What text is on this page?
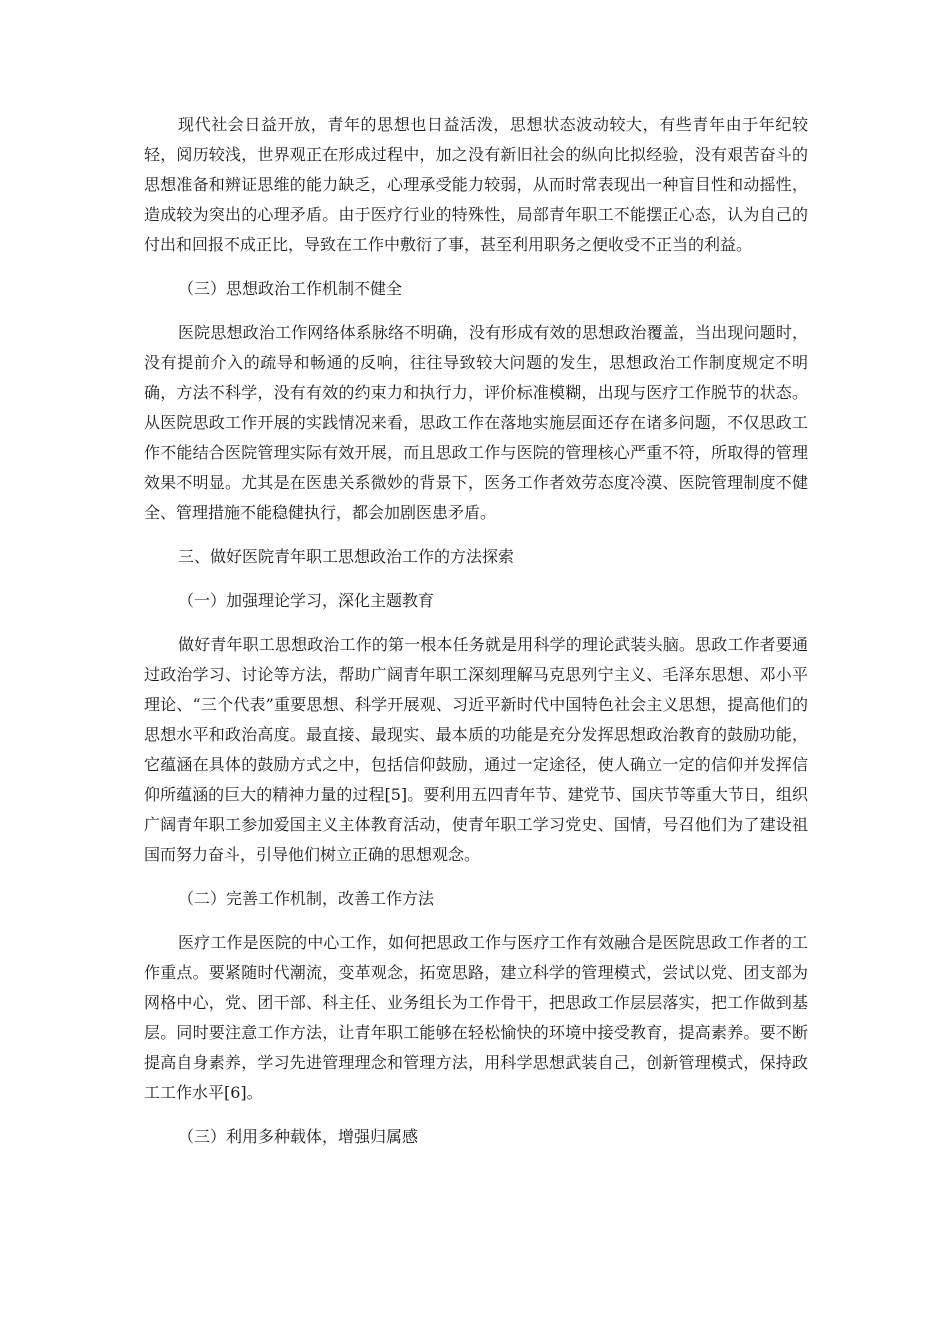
现代社会日益开放，青年的思想也日益活泼，思想状态波动较大，有些青年由于年纪较轻，阅历较浅，世界观正在形成过程中，加之没有新旧社会的纵向比拟经验，没有艰苦奋斗的思想准备和辨证思维的能力缺乏，心理承受能力较弱，从而时常表现出一种盲目性和动摇性，造成较为突出的心理矛盾。由于医疗行业的特殊性，局部青年职工不能摆正心态，认为自己的付出和回报不成正比，导致在工作中敷衍了事，甚至利用职务之便收受不正当的利益。

（三）思想政治工作机制不健全

医院思想政治工作网络体系脉络不明确，没有形成有效的思想政治覆盖，当出现问题时，没有提前介入的疏导和畅通的反响，往往导致较大问题的发生，思想政治工作制度规定不明确，方法不科学，没有有效的约束力和执行力，评价标准模糊，出现与医疗工作脱节的状态。从医院思政工作开展的实践情况来看，思政工作在落地实施层面还存在诸多问题，不仅思政工作不能结合医院管理实际有效开展，而且思政工作与医院的管理核心严重不符，所取得的管理效果不明显。尤其是在医患关系微妙的背景下，医务工作者效劳态度冷漠、医院管理制度不健全、管理措施不能稳健执行，都会加剧医患矛盾。

三、做好医院青年职工思想政治工作的方法探索

（一）加强理论学习，深化主题教育

做好青年职工思想政治工作的第一根本任务就是用科学的理论武装头脑。思政工作者要通过政治学习、讨论等方法，帮助广阔青年职工深刻理解马克思列宁主义、毛泽东思想、邓小平理论、“三个代表”重要思想、科学开展观、习近平新时代中国特色社会主义思想，提高他们的思想水平和政治高度。最直接、最现实、最本质的功能是充分发挥思想政治教育的鼓励功能，它蕴涵在具体的鼓励方式之中，包括信仰鼓励，通过一定途径，使人确立一定的信仰并发挥信仰所蕴涵的巨大的精神力量的过程[5]。要利用五四青年节、建党节、国庆节等重大节日，组织广阔青年职工参加爱国主义主体教育活动，使青年职工学习党史、国情，号召他们为了建设祖国而努力奋斗，引导他们树立正确的思想观念。

（二）完善工作机制，改善工作方法

医疗工作是医院的中心工作，如何把思政工作与医疗工作有效融合是医院思政工作者的工作重点。要紧随时代潮流，变革观念，拓宽思路，建立科学的管理模式，尝试以党、团支部为网格中心，党、团干部、科主任、业务组长为工作骨干，把思政工作层层落实，把工作做到基层。同时要注意工作方法，让青年职工能够在轻松愉快的环境中接受教育，提高素养。要不断提高自身素养，学习先进管理理念和管理方法，用科学思想武装自己，创新管理模式，保持政工工作水平[6]。

（三）利用多种载体，增强归属感
